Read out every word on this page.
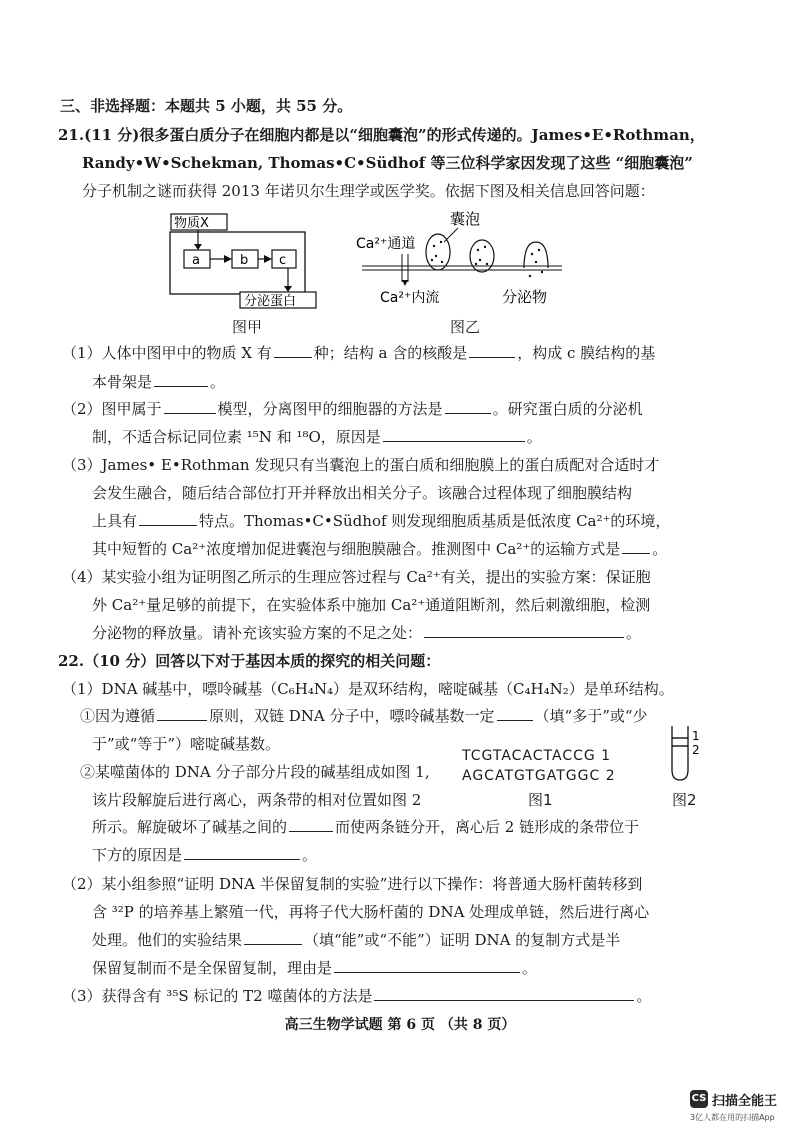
三、非选择题：本题共 5 小题，共 55 分。
21.(11 分)很多蛋白质分子在细胞内都是以“细胞囊泡”的形式传递的。James•E•Rothman，
Randy•W•Schekman, Thomas•C•Südhof 等三位科学家因发现了这些 “细胞囊泡”
分子机制之谜而获得 2013 年诺贝尔生理学或医学奖。依据下图及相关信息回答问题：
物质X
a	b c
分泌蛋白
图甲
囊泡
Ca²⁺通道
Ca²⁺内流	分泌物
图乙
（1）人体中图甲中的物质 X 有	种；结构 a 含的核酸是	，构成 c 膜结构的基
本骨架是	。
（2）图甲属于	模型，分离图甲的细胞器的方法是	。研究蛋白质的分泌机
制，不适合标记同位素 ¹⁵N 和 ¹⁸O，原因是	。
（3）James• E•Rothman 发现只有当囊泡上的蛋白质和细胞膜上的蛋白质配对合适时才
会发生融合，随后结合部位打开并释放出相关分子。该融合过程体现了细胞膜结构
上具有	特点。Thomas•C•Südhof 则发现细胞质基质是低浓度 Ca²⁺的环境，
其中短暂的 Ca²⁺浓度增加促进囊泡与细胞膜融合。推测图中 Ca²⁺的运输方式是 。
（4）某实验小组为证明图乙所示的生理应答过程与 Ca²⁺有关，提出的实验方案：保证胞
外 Ca²⁺量足够的前提下，在实验体系中施加 Ca²⁺通道阻断剂，然后刺激细胞，检测
分泌物的释放量。请补充该实验方案的不足之处：	。
22.（10 分）回答以下对于基因本质的探究的相关问题：
（1）DNA 碱基中，嘌呤碱基（C₆H₄N₄）是双环结构，嘧啶碱基（C₄H₄N₂）是单环结构。
①因为遵循	原则，双链 DNA 分子中，嘌呤碱基数一定	（填“多于”或“少
于”或“等于”）嘧啶碱基数。
②某噬菌体的 DNA 分子部分片段的碱基组成如图 1,
该片段解旋后进行离心，两条带的相对位置如图 2
TCGTACACTACCG 1
AGCATGTGATGGC 2
图1
1
2
图2
所示。解旋破坏了碱基之间的	而使两条链分开，离心后 2 链形成的条带位于
下方的原因是	。
（2）某小组参照“证明 DNA 半保留复制的实验”进行以下操作：将普通大肠杆菌转移到
含 ³²P 的培养基上繁殖一代，再将子代大肠杆菌的 DNA 处理成单链，然后进行离心
处理。他们的实验结果	（填“能”或“不能”）证明 DNA 的复制方式是半
保留复制而不是全保留复制，理由是	。
（3）获得含有 ³⁵S 标记的 T2 噬菌体的方法是	。
高三生物学试题 第 6 页 （共 8 页）
CS 扫描全能王
3亿人都在用的扫描App
